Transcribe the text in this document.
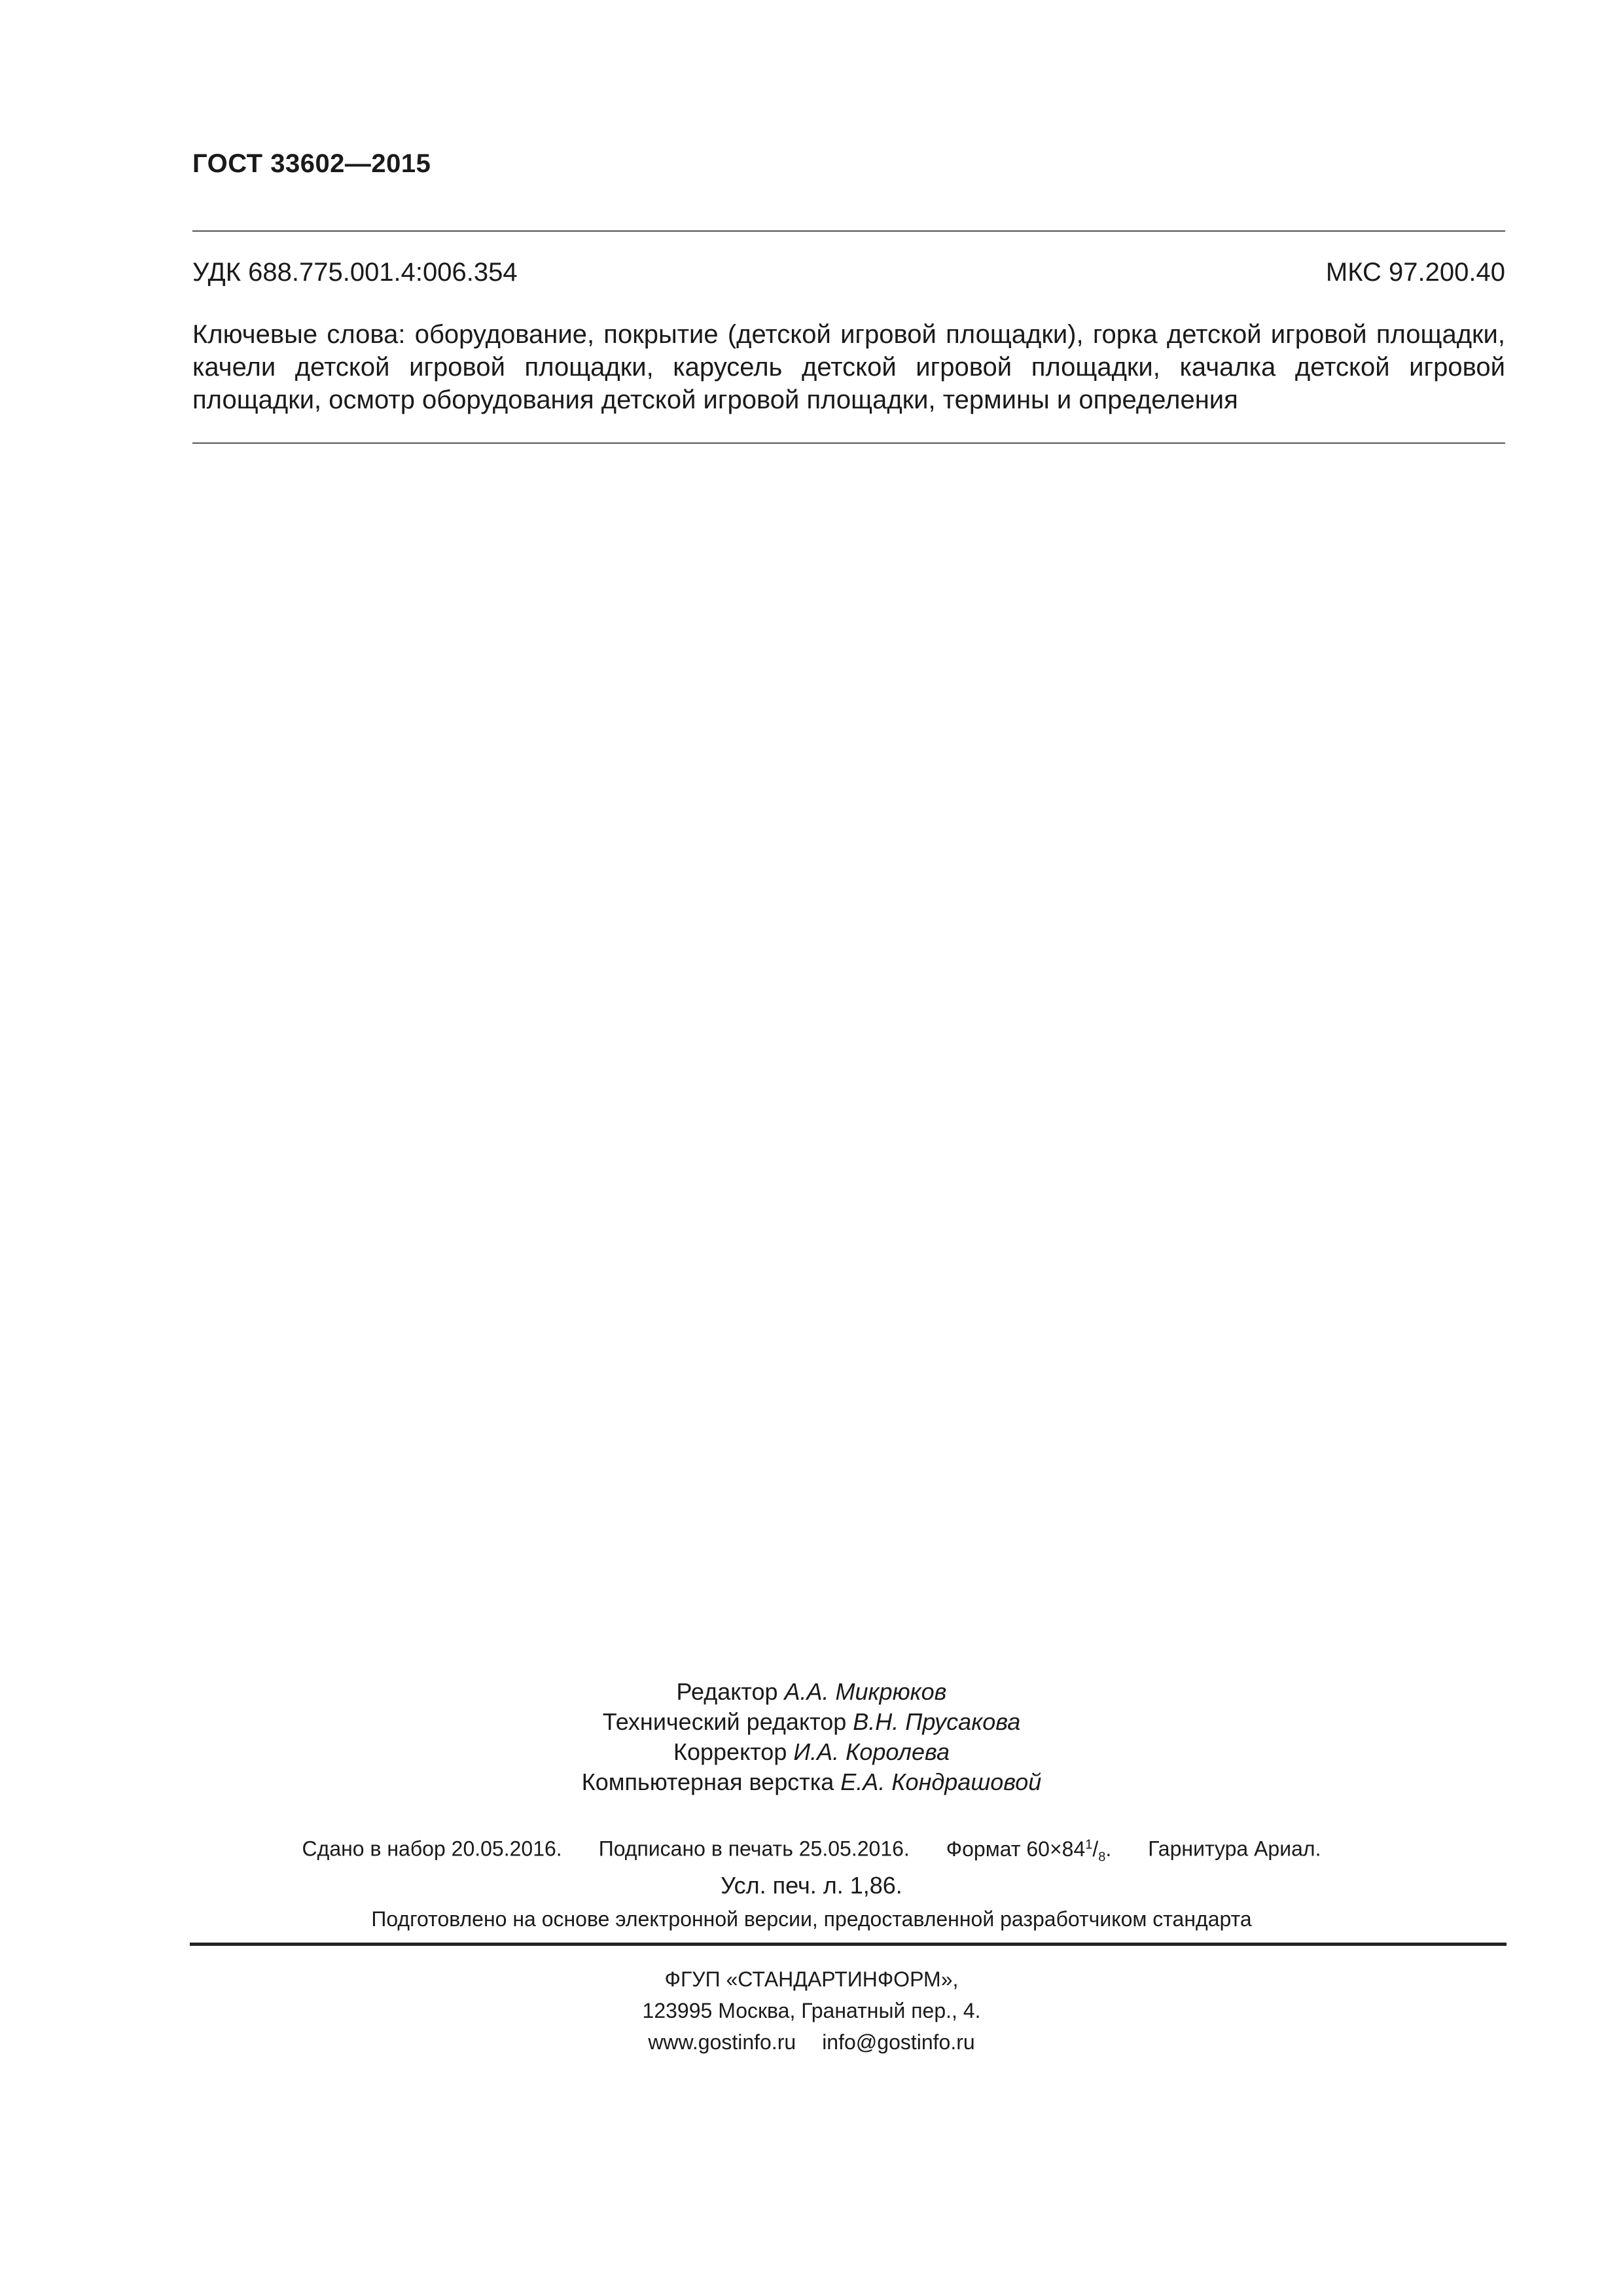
ГОСТ 33602—2015
УДК 688.775.001.4:006.354	МКС 97.200.40
Ключевые слова: оборудование, покрытие (детской игровой площадки), горка детской игровой площадки, качели детской игровой площадки, карусель детской игровой площадки, качалка детской игровой площадки, осмотр оборудования детской игровой площадки, термины и определения
Редактор А.А. Микрюков
Технический редактор В.Н. Прусакова
Корректор И.А. Королева
Компьютерная верстка Е.А. Кондрашовой
Сдано в набор 20.05.2016. Подписано в печать 25.05.2016. Формат $60\times 84^1/_8$. Гарнитура Ариал.
Усл. печ. л. 1,86.
Подготовлено на основе электронной версии, предоставленной разработчиком стандарта
ФГУП «СТАНДАРТИНФОРМ»,
123995 Москва, Гранатный пер., 4.
www.gostinfo.ru info@gostinfo.ru
